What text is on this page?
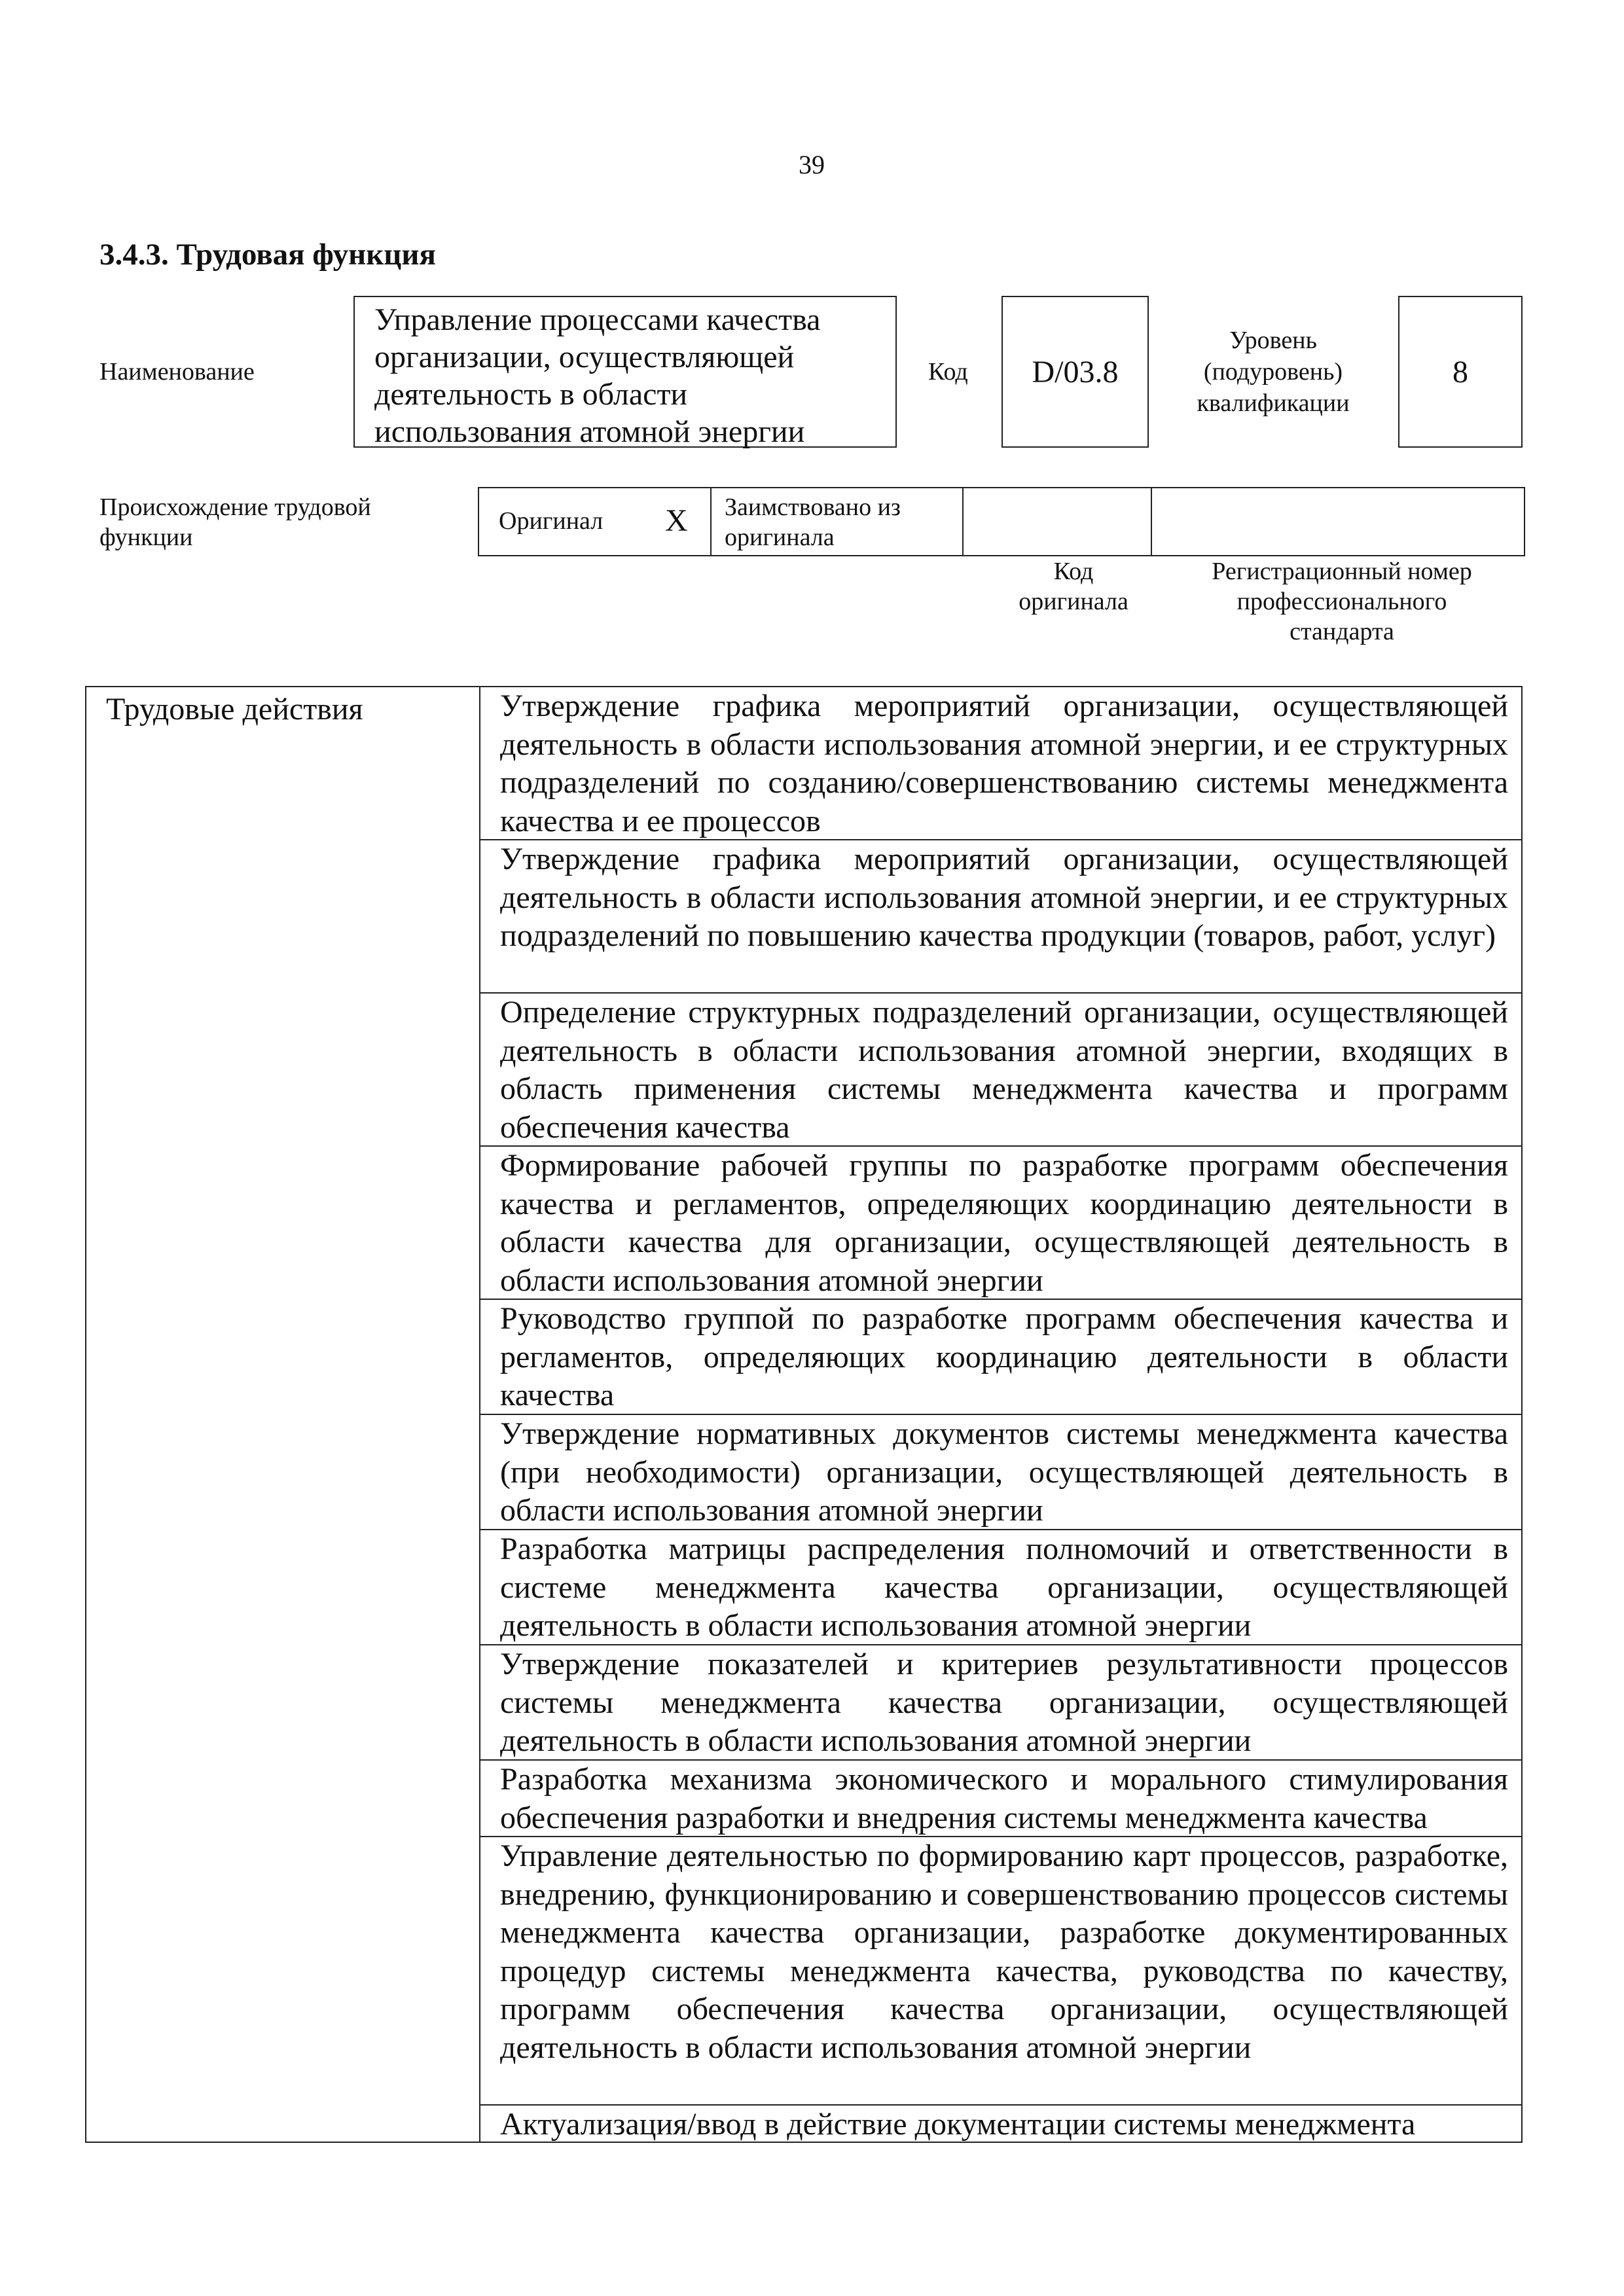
39
3.4.3. Трудовая функция
Наименование
Управление процессами качества
организации, осуществляющей
деятельность в области
использования атомной энергии
Код D/03.8
Уровень
(подуровень)
квалификации
8
Происхождение трудовой
функции
Оригинал X Заимствовано из
оригинала
Код
оригинала
Регистрационный номер
профессионального
стандарта
Трудовые действия	Утверждение графика мероприятий организации, осуществляющей деятельность в области использования атомной энергии, и ее структурных подразделений по созданию/совершенствованию системы менеджмента качества и ее процессов
Утверждение графика мероприятий организации, осуществляющей деятельность в области использования атомной энергии, и ее структурных подразделений по повышению качества продукции (товаров, работ, услуг)
Определение структурных подразделений организации, осуществляющей деятельность в области использования атомной энергии, входящих в область применения системы менеджмента качества и программ обеспечения качества
Формирование рабочей группы по разработке программ обеспечения качества и регламентов, определяющих координацию деятельности в области качества для организации, осуществляющей деятельность в области использования атомной энергии
Руководство группой по разработке программ обеспечения качества и регламентов, определяющих координацию деятельности в области качества
Утверждение нормативных документов системы менеджмента качества (при необходимости) организации, осуществляющей деятельность в области использования атомной энергии
Разработка матрицы распределения полномочий и ответственности в системе менеджмента качества организации, осуществляющей деятельность в области использования атомной энергии
Утверждение показателей и критериев результативности процессов системы менеджмента качества организации, осуществляющей деятельность в области использования атомной энергии
Разработка механизма экономического и морального стимулирования обеспечения разработки и внедрения системы менеджмента качества
Управление деятельностью по формированию карт процессов, разработке, внедрению, функционированию и совершенствованию процессов системы менеджмента качества организации, разработке документированных процедур системы менеджмента качества, руководства по качеству, программ обеспечения качества организации, осуществляющей деятельность в области использования атомной энергии
Актуализация/ввод в действие документации системы менеджмента
